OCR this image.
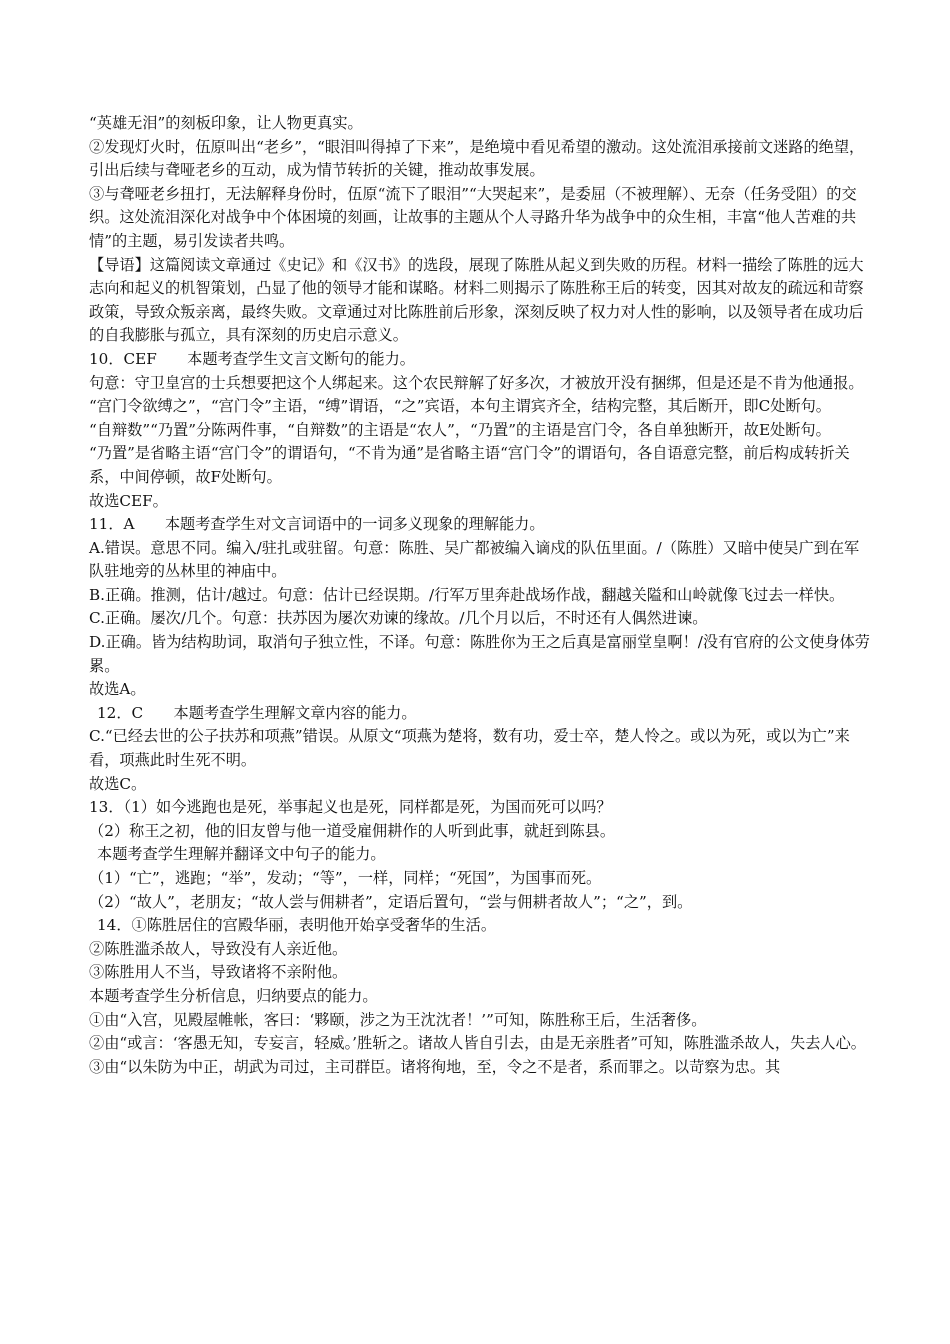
“英雄无泪”的刻板印象，让人物更真实。

②发现灯火时，伍原叫出“老乡”，“眼泪叫得掉了下来”，是绝境中看见希望的激动。这处流泪承接前文迷路的绝望，引出后续与聋哑老乡的互动，成为情节转折的关键，推动故事发展。

③与聋哑老乡扭打，无法解释身份时，伍原“流下了眼泪”“大哭起来”，是委屈（不被理解）、无奈（任务受阻）的交织。这处流泪深化对战争中个体困境的刻画，让故事的主题从个人寻路升华为战争中的众生相，丰富“他人苦难的共情”的主题，易引发读者共鸣。

【导语】这篇阅读文章通过《史记》和《汉书》的选段，展现了陈胜从起义到失败的历程。材料一描绘了陈胜的远大志向和起义的机智策划，凸显了他的领导才能和谋略。材料二则揭示了陈胜称王后的转变，因其对故友的疏远和苛察政策，导致众叛亲离，最终失败。文章通过对比陈胜前后形象，深刻反映了权力对人性的影响，以及领导者在成功后的自我膨胀与孤立，具有深刻的历史启示意义。

10．CEF　　本题考查学生文言文断句的能力。

句意：守卫皇宫的士兵想要把这个人绑起来。这个农民辩解了好多次，才被放开没有捆绑，但是还是不肯为他通报。

“宫门令欲缚之”，“宫门令”主语，“缚”谓语，“之”宾语，本句主谓宾齐全，结构完整，其后断开，即C处断句。

“自辩数”“乃置”分陈两件事，“自辩数”的主语是“农人”，“乃置”的主语是宫门令，各自单独断开，故E处断句。

“乃置”是省略主语“宫门令”的谓语句，“不肯为通”是省略主语“宫门令”的谓语句，各自语意完整，前后构成转折关系，中间停顿，故F处断句。

故选CEF。

11．A　　本题考查学生对文言词语中的一词多义现象的理解能力。

A.错误。意思不同。编入/驻扎或驻留。句意：陈胜、吴广都被编入谪戍的队伍里面。/（陈胜）又暗中使吴广到在军队驻地旁的丛林里的神庙中。

B.正确。推测，估计/越过。句意：估计已经误期。/行军万里奔赴战场作战，翻越关隘和山岭就像飞过去一样快。

C.正确。屡次/几个。句意：扶苏因为屡次劝谏的缘故。/几个月以后，不时还有人偶然进谏。

D.正确。皆为结构助词，取消句子独立性，不译。句意：陈胜你为王之后真是富丽堂皇啊！/没有官府的公文使身体劳累。

故选A。

12．C　　本题考查学生理解文章内容的能力。

C.“已经去世的公子扶苏和项燕”错误。从原文“项燕为楚将，数有功，爱士卒，楚人怜之。或以为死，或以为亡”来看，项燕此时生死不明。

故选C。

13．（1）如今逃跑也是死，举事起义也是死，同样都是死，为国而死可以吗？

（2）称王之初，他的旧友曾与他一道受雇佣耕作的人听到此事，就赶到陈县。

本题考查学生理解并翻译文中句子的能力。

（1）“亡”，逃跑；“举”，发动；“等”，一样，同样；“死国”，为国事而死。

（2）“故人”，老朋友；“故人尝与佣耕者”，定语后置句，“尝与佣耕者故人”；“之”，到。

14．①陈胜居住的宫殿华丽，表明他开始享受奢华的生活。

②陈胜滥杀故人，导致没有人亲近他。

③陈胜用人不当，导致诸将不亲附他。

本题考查学生分析信息，归纳要点的能力。

①由“入宫，见殿屋帷帐，客曰：‘夥颐，涉之为王沈沈者！’”可知，陈胜称王后，生活奢侈。

②由“或言：‘客愚无知，专妄言，轻威。’胜斩之。诸故人皆自引去，由是无亲胜者”可知，陈胜滥杀故人，失去人心。

③由“以朱防为中正，胡武为司过，主司群臣。诸将徇地，至，令之不是者，系而罪之。以苛察为忠。其
